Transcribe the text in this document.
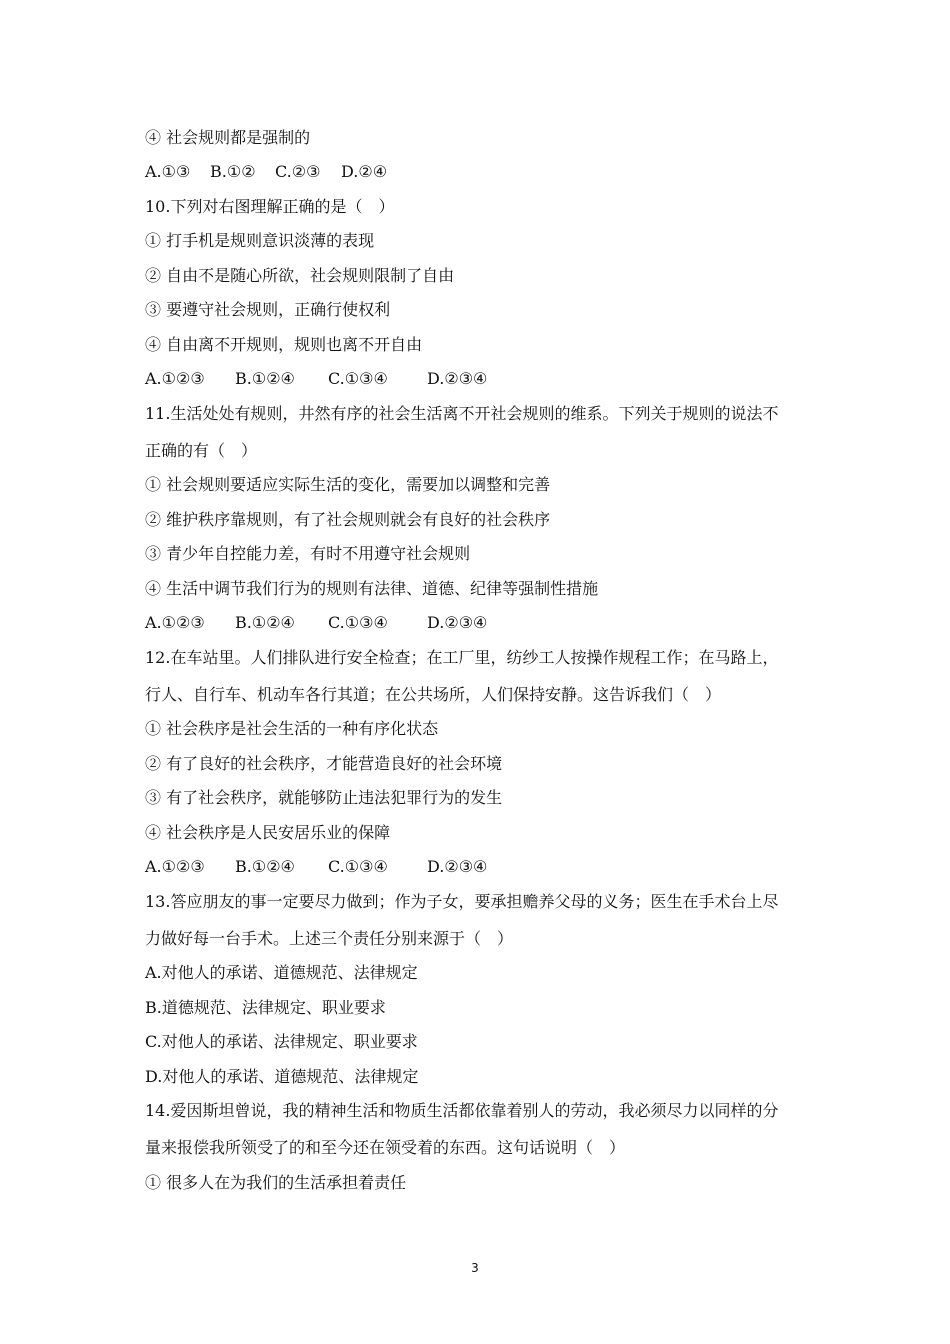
④ 社会规则都是强制的
A.①③ B.①② C.②③ D.②④
10.下列对右图理解正确的是（　）
① 打手机是规则意识淡薄的表现
② 自由不是随心所欲，社会规则限制了自由
③ 要遵守社会规则，正确行使权利
④ 自由离不开规则，规则也离不开自由
A.①②③ B.①②④ C.①③④ D.②③④
11.生活处处有规则，井然有序的社会生活离不开社会规则的维系。下列关于规则的说法不
正确的有（　）
① 社会规则要适应实际生活的变化，需要加以调整和完善
② 维护秩序靠规则，有了社会规则就会有良好的社会秩序
③ 青少年自控能力差，有时不用遵守社会规则
④ 生活中调节我们行为的规则有法律、道德、纪律等强制性措施
A.①②③ B.①②④ C.①③④ D.②③④
12.在车站里。人们排队进行安全检查；在工厂里，纺纱工人按操作规程工作；在马路上，
行人、自行车、机动车各行其道；在公共场所，人们保持安静。这告诉我们（　）
① 社会秩序是社会生活的一种有序化状态
② 有了良好的社会秩序，才能营造良好的社会环境
③ 有了社会秩序，就能够防止违法犯罪行为的发生
④ 社会秩序是人民安居乐业的保障
A.①②③ B.①②④ C.①③④ D.②③④
13.答应朋友的事一定要尽力做到；作为子女，要承担赡养父母的义务；医生在手术台上尽
力做好每一台手术。上述三个责任分别来源于（　）
A.对他人的承诺、道德规范、法律规定
B.道德规范、法律规定、职业要求
C.对他人的承诺、法律规定、职业要求
D.对他人的承诺、道德规范、法律规定
14.爱因斯坦曾说，我的精神生活和物质生活都依靠着别人的劳动，我必须尽力以同样的分
量来报偿我所领受了的和至今还在领受着的东西。这句话说明（　）
① 很多人在为我们的生活承担着责任
3
